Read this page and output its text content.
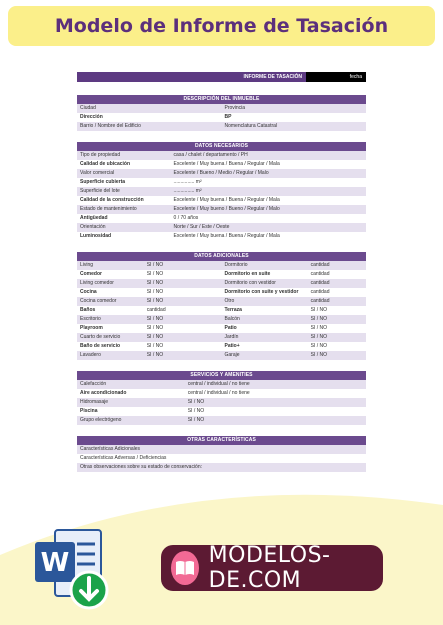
Modelo de Informe de Tasación
INFORME DE TASACIÓN	fecha
DESCRIPCIÓN DEL INMUEBLE
Ciudad	Provincia
Dirección	BP
Barrio / Nombre del Edificio	Nomenclatura Catastral
DATOS NECESARIOS
Tipo de propiedad	casa / chalet / departamento / PH
Calidad de ubicación	Excelente / Muy buena / Buena / Regular / Mala
Valor comercial	Excelente / Bueno / Medio / Regular / Malo
Superficie cubierta	............... m²
Superficie del lote	............... m²
Calidad de la construcción	Excelente / Muy buena / Buena / Regular / Mala
Estado de mantenimiento	Excelente / Muy bueno / Bueno / Regular / Malo
Antigüedad	0 / 70 años
Orientación	Norte / Sur / Este / Oeste
Luminosidad	Excelente / Muy buena / Buena / Regular / Mala
DATOS ADICIONALES
Living	SI / NO	Dormitorio	cantidad
Comedor	SI / NO	Dormitorio en suite	cantidad
Living comedor	SI / NO	Dormitorio con vestidor	cantidad
Cocina	SI / NO	Dormitorio con suite y vestidor	cantidad
Cocina comedor	SI / NO	Otro	cantidad
Baños	cantidad	Terraza	SI / NO
Escritorio	SI / NO	Balcón	SI / NO
Playroom	SI / NO	Patio	SI / NO
Cuarto de servicio	SI / NO	Jardín	SI / NO
Baño de servicio	SI / NO	Patio+	SI / NO
Lavadero	SI / NO	Garaje	SI / NO
SERVICIOS Y AMENITIES
Calefacción	central / individual / no tiene
Aire acondicionado	central / individual / no tiene
Hidromasaje	SI / NO
Piscina	SI / NO
Grupo electrógeno	SI / NO
OTRAS CARACTERÍSTICAS
Características Adicionales
Características Adversas / Deficiencias
Otras observaciones sobre su estado de conservación:
W	MODELOS-DE.COM
